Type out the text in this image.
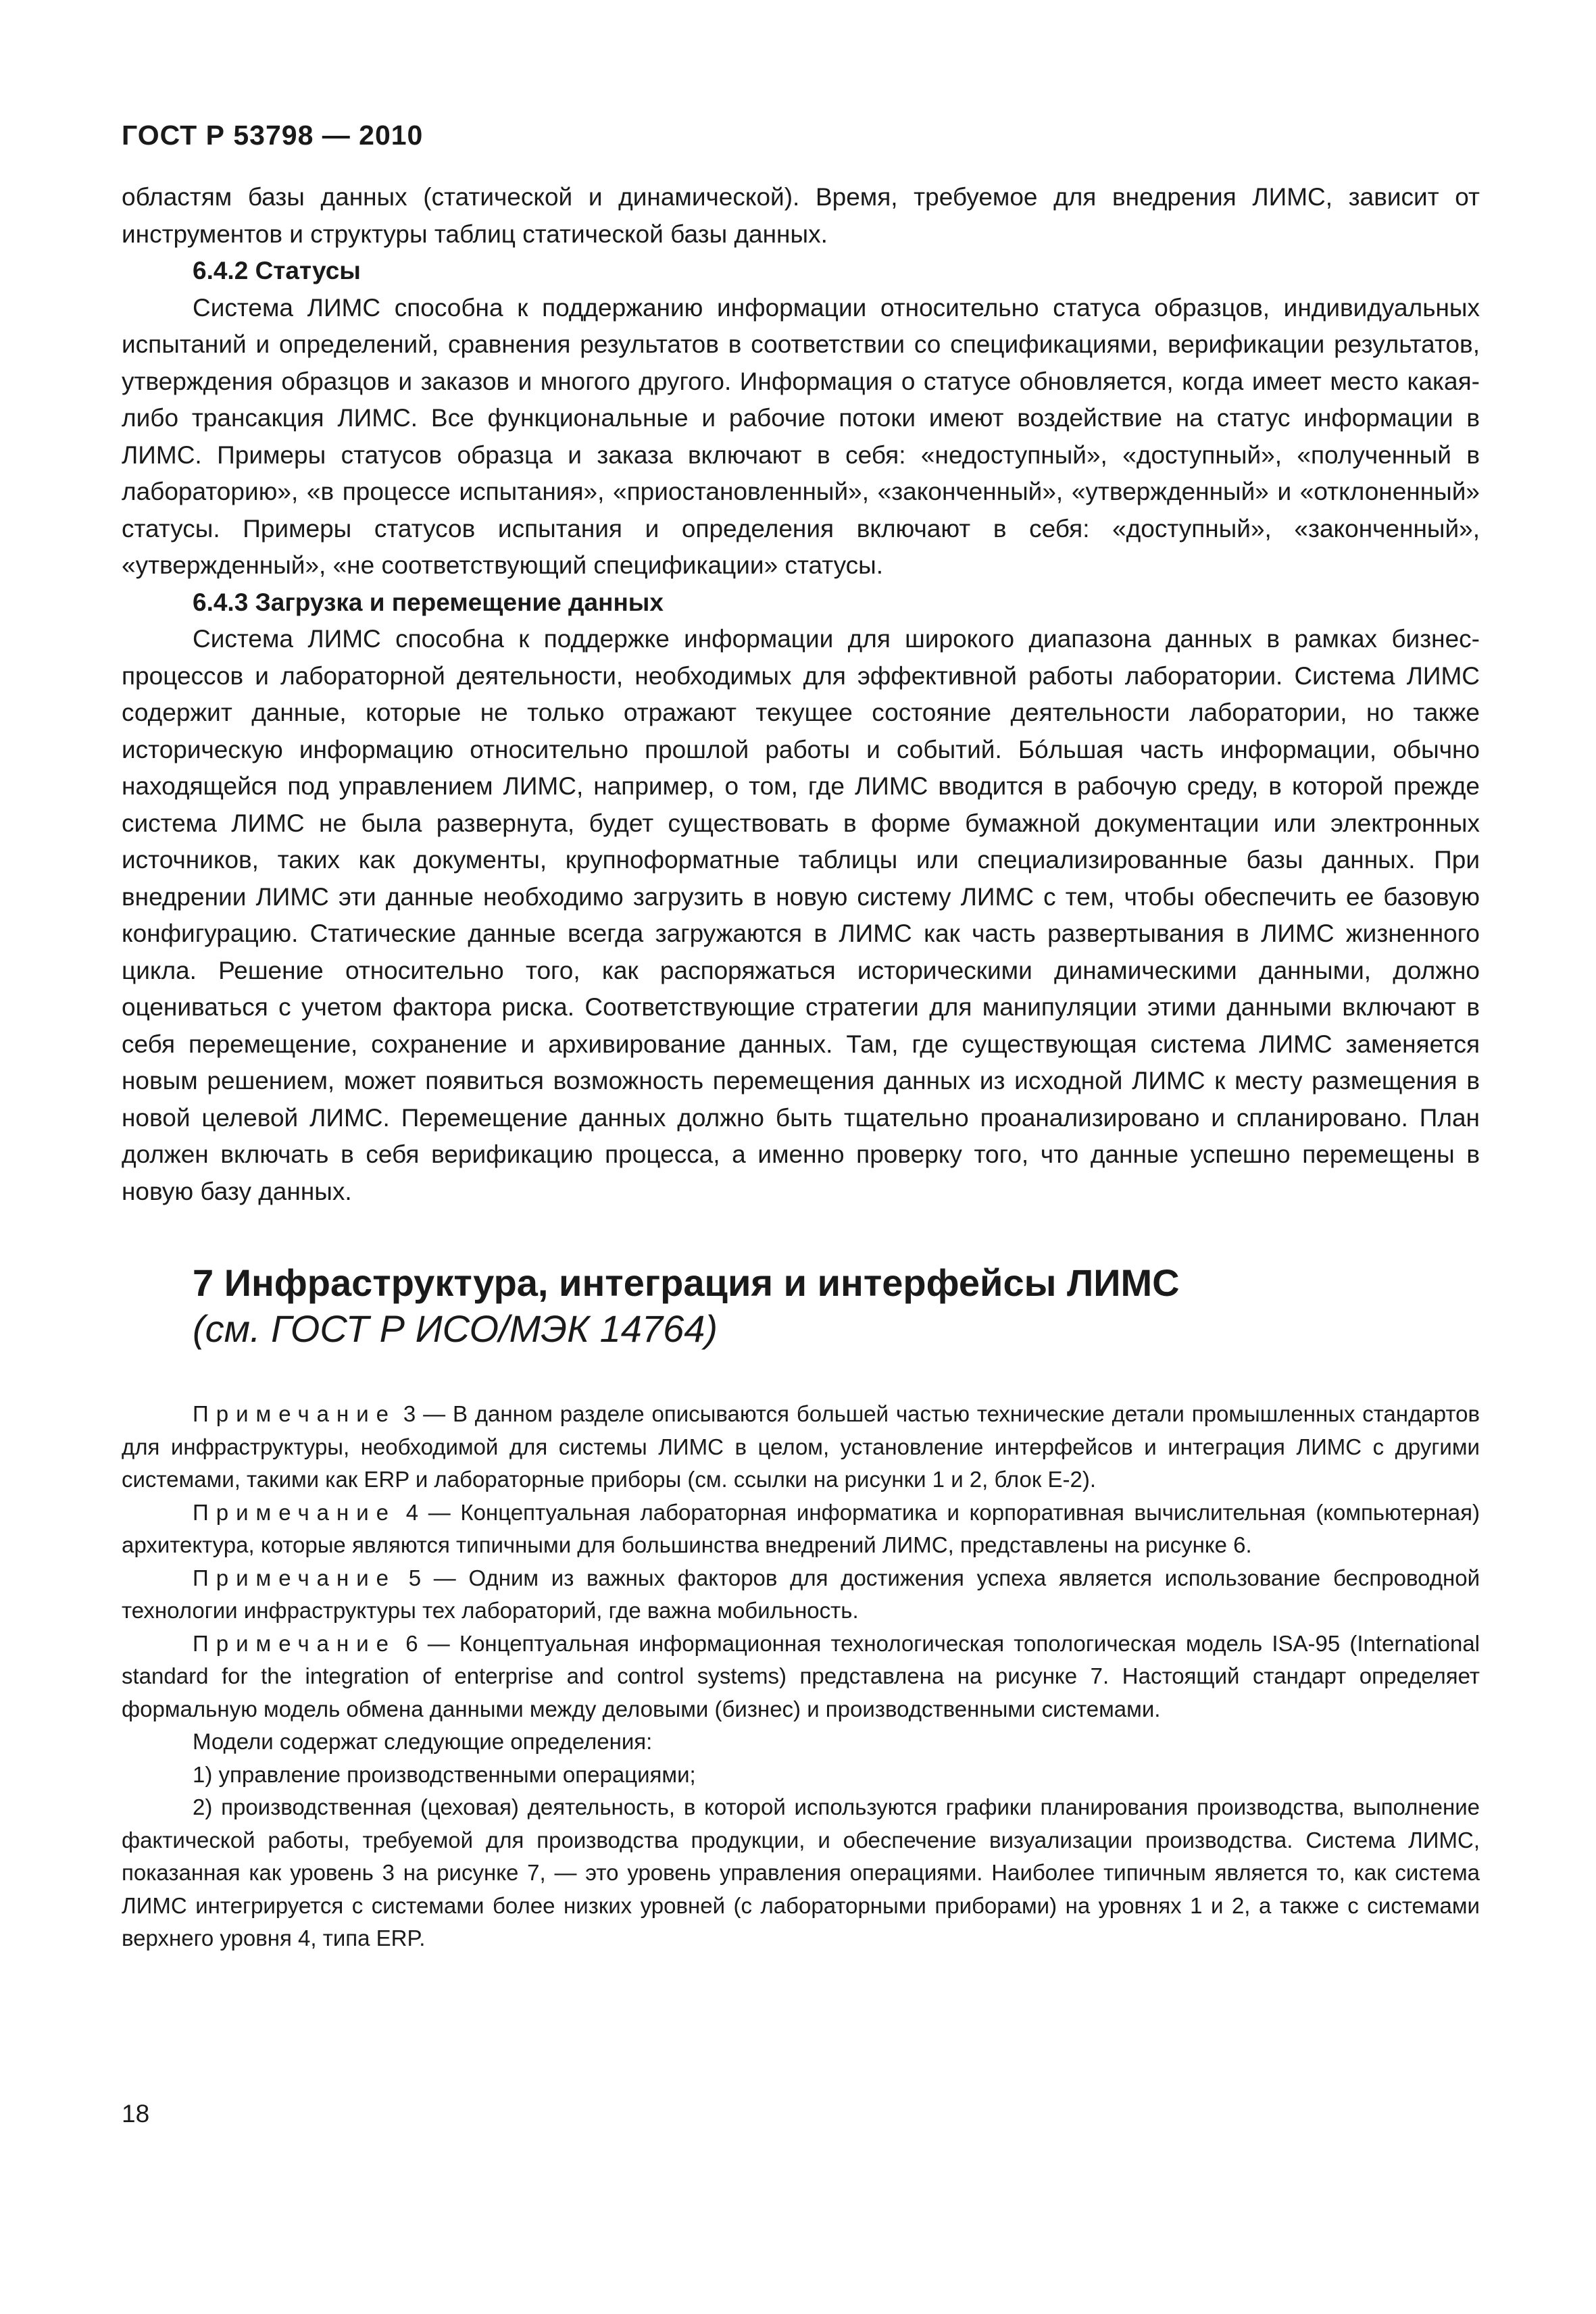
ГОСТ Р 53798 — 2010

областям базы данных (статической и динамической). Время, требуемое для внедрения ЛИМС, зависит от инструментов и структуры таблиц статической базы данных.

6.4.2 Статусы

Система ЛИМС способна к поддержанию информации относительно статуса образцов, индивидуальных испытаний и определений, сравнения результатов в соответствии со спецификациями, верификации результатов, утверждения образцов и заказов и многого другого. Информация о статусе обновляется, когда имеет место какая-либо трансакция ЛИМС. Все функциональные и рабочие потоки имеют воздействие на статус информации в ЛИМС. Примеры статусов образца и заказа включают в себя: «недоступный», «доступный», «полученный в лабораторию», «в процессе испытания», «приостановленный», «законченный», «утвержденный» и «отклоненный» статусы. Примеры статусов испытания и определения включают в себя: «доступный», «законченный», «утвержденный», «не соответствующий спецификации» статусы.

6.4.3 Загрузка и перемещение данных

Система ЛИМС способна к поддержке информации для широкого диапазона данных в рамках бизнес-процессов и лабораторной деятельности, необходимых для эффективной работы лаборатории. Система ЛИМС содержит данные, которые не только отражают текущее состояние деятельности лаборатории, но также историческую информацию относительно прошлой работы и событий. Бóльшая часть информации, обычно находящейся под управлением ЛИМС, например, о том, где ЛИМС вводится в рабочую среду, в которой прежде система ЛИМС не была развернута, будет существовать в форме бумажной документации или электронных источников, таких как документы, крупноформатные таблицы или специализированные базы данных. При внедрении ЛИМС эти данные необходимо загрузить в новую систему ЛИМС с тем, чтобы обеспечить ее базовую конфигурацию. Статические данные всегда загружаются в ЛИМС как часть развертывания в ЛИМС жизненного цикла. Решение относительно того, как распоряжаться историческими динамическими данными, должно оцениваться с учетом фактора риска. Соответствующие стратегии для манипуляции этими данными включают в себя перемещение, сохранение и архивирование данных. Там, где существующая система ЛИМС заменяется новым решением, может появиться возможность перемещения данных из исходной ЛИМС к месту размещения в новой целевой ЛИМС. Перемещение данных должно быть тщательно проанализировано и спланировано. План должен включать в себя верификацию процесса, а именно проверку того, что данные успешно перемещены в новую базу данных.

7 Инфраструктура, интеграция и интерфейсы ЛИМС
(см. ГОСТ Р ИСО/МЭК 14764)

Примечание 3 — В данном разделе описываются большей частью технические детали промышленных стандартов для инфраструктуры, необходимой для системы ЛИМС в целом, установление интерфейсов и интеграция ЛИМС с другими системами, такими как ERP и лабораторные приборы (см. ссылки на рисунки 1 и 2, блок Е-2).

Примечание 4 — Концептуальная лабораторная информатика и корпоративная вычислительная (компьютерная) архитектура, которые являются типичными для большинства внедрений ЛИМС, представлены на рисунке 6.

Примечание 5 — Одним из важных факторов для достижения успеха является использование беспроводной технологии инфраструктуры тех лабораторий, где важна мобильность.

Примечание 6 — Концептуальная информационная технологическая топологическая модель ISA-95 (International standard for the integration of enterprise and control systems) представлена на рисунке 7. Настоящий стандарт определяет формальную модель обмена данными между деловыми (бизнес) и производственными системами.

Модели содержат следующие определения:

1) управление производственными операциями;

2) производственная (цеховая) деятельность, в которой используются графики планирования производства, выполнение фактической работы, требуемой для производства продукции, и обеспечение визуализации производства. Система ЛИМС, показанная как уровень 3 на рисунке 7, — это уровень управления операциями. Наиболее типичным является то, как система ЛИМС интегрируется с системами более низких уровней (с лабораторными приборами) на уровнях 1 и 2, а также с системами верхнего уровня 4, типа ERP.

18
